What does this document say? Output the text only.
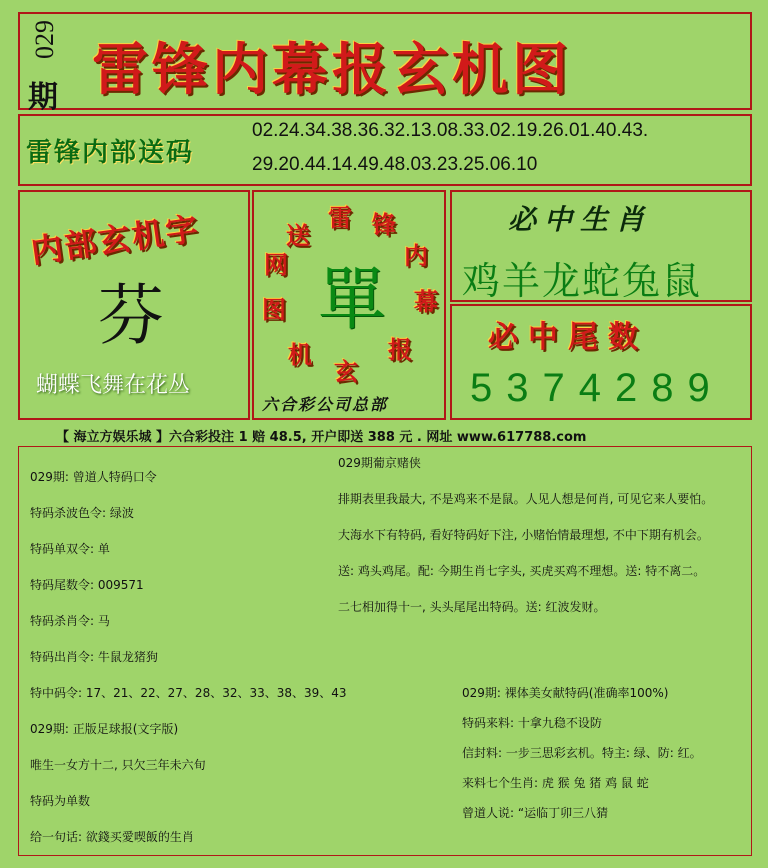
029
期 雷锋内幕报玄机图
雷锋内部送码
02.24.34.38.36.32.13.08.33.02.19.26.01.40.43.
29.20.44.14.49.48.03.23.25.06.10
内部玄机字
芬
蝴蝶飞舞在花丛
雷 锋
内
幕
报
玄
机
图
网
送
單
六合彩公司总部
必中生肖
鸡羊龙蛇兔鼠
必中尾数
5374289
【 海立方娱乐城 】六合彩投注 1 赔 48.5, 开户即送 388 元 . 网址 www.617788.com
029期: 曾道人特码口令
特码杀波色令: 绿波
特码单双令: 单
特码尾数令: 009571
特码杀肖令: 马
特码出肖令: 牛鼠龙猪狗
特中码令: 17、21、22、27、28、32、33、38、39、43
029期: 正版足球报(文字版)
唯生一女方十二, 只欠三年未六旬
特码为单数
给一句话: 欲錢买愛喫飯的生肖
029期葡京赌侠
排期表里我最大, 不是鸡来不是鼠。人见人想是何肖, 可见它来人要怕。
大海水下有特码, 看好特码好下注, 小赌怡情最理想, 不中下期有机会。
送: 鸡头鸡尾。配: 今期生肖七字头, 买虎买鸡不理想。送: 特不离二。
二七相加得十一, 头头尾尾出特码。送: 红波发财。
029期: 裸体美女献特码(准确率100%)
特码来料: 十拿九稳不设防
信封料: 一步三思彩玄机。特主: 绿、防: 红。
来料七个生肖: 虎 猴 兔 猪 鸡 鼠 蛇
曾道人说: “运临丁卯三八猜
